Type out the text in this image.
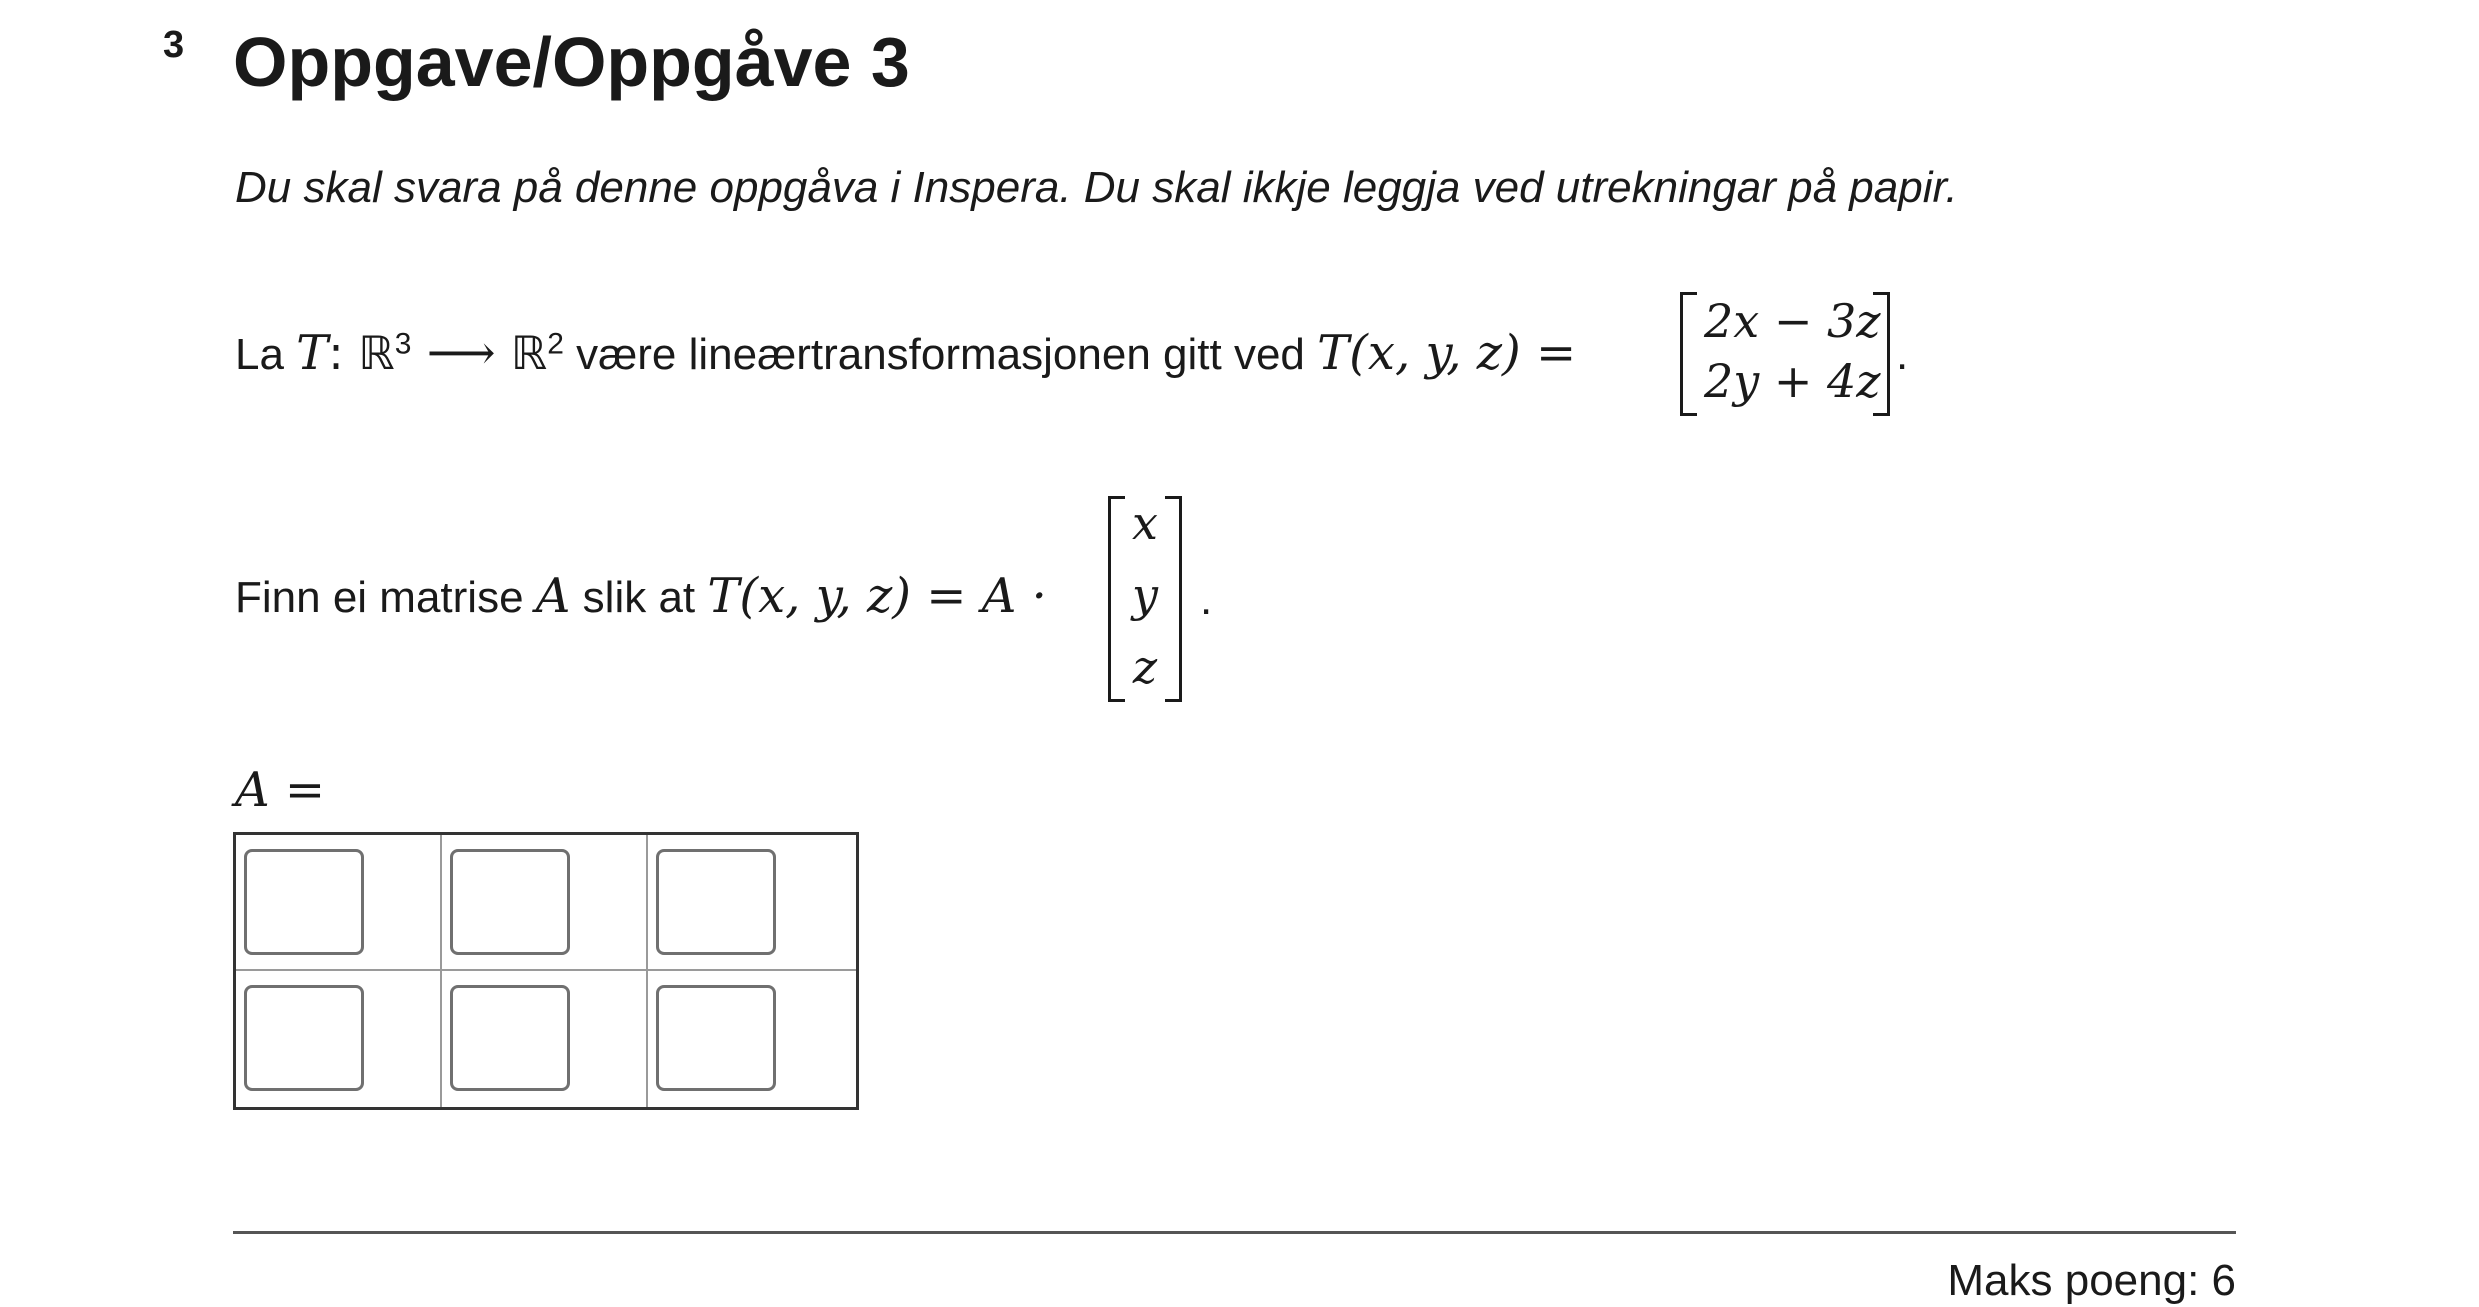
3 Oppgave/Oppgåve 3
Du skal svara på denne oppgåva i Inspera. Du skal ikkje leggja ved utrekningar på papir.
La T: ℝ$^3$ ⟶ ℝ$^2$ være lineærtransformasjonen gitt ved T(x, y, z) =
2x − 3z
2y + 4z .
Finn ei matrise A slik at T(x, y, z) = A ·
x
y
z
.
A =
Maks poeng: 6
